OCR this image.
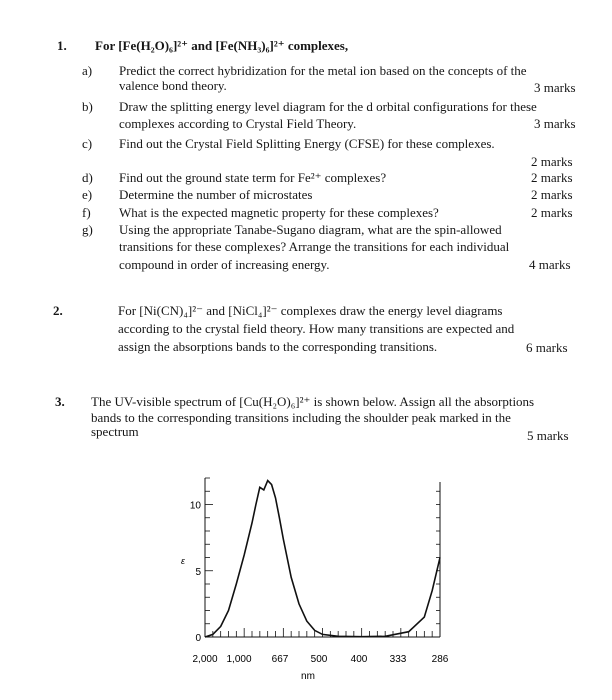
1. For [Fe(H₂O)₆]²⁺ and [Fe(NH₃)₆]²⁺ complexes,
a) Predict the correct hybridization for the metal ion based on the concepts of the
valence bond theory.	3 marks
b) Draw the splitting energy level diagram for the d orbital configurations for these
complexes according to Crystal Field Theory.	3 marks
c) Find out the Crystal Field Splitting Energy (CFSE) for these complexes.
2 marks
d) Find out the ground state term for Fe²⁺ complexes?	2 marks
e) Determine the number of microstates	2 marks
f) What is the expected magnetic property for these complexes?	2 marks
g) Using the appropriate Tanabe-Sugano diagram, what are the spin-allowed
transitions for these complexes? Arrange the transitions for each individual
compound in order of increasing energy.	4 marks
2.	For [Ni(CN)₄]²⁻ and [NiCl₄]²⁻ complexes draw the energy level diagrams
according to the crystal field theory. How many transitions are expected and
assign the absorptions bands to the corresponding transitions.	6 marks
3. The UV-visible spectrum of [Cu(H₂O)₆]²⁺ is shown below. Assign all the absorptions
bands to the corresponding transitions including the shoulder peak marked in the
spectrum	5 marks
0
5
10
2,000 1,000 667 500 400 333	286
ε
nm
